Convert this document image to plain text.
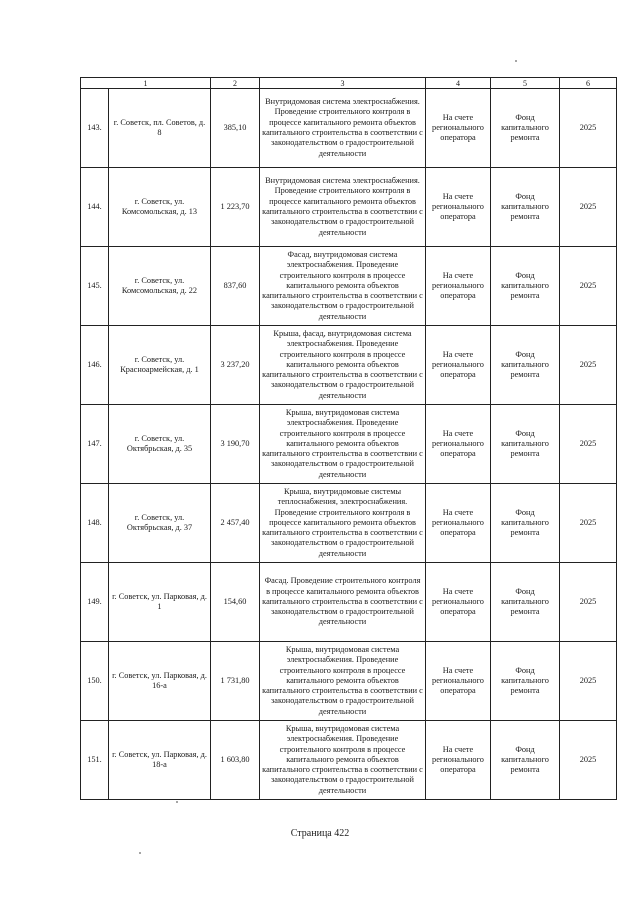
1		2	3	4	5	6
143.	г. Советск, пл. Советов, д. 8	385,10	Внутридомовая система электроснабжения. Проведение строительного контроля в процессе капитального ремонта объектов капитального строительства в соответствии с законодательством о градостроительной деятельности	На счете регионального оператора	Фонд капитального ремонта	2025
144.	г. Советск, ул. Комсомольская, д. 13	1 223,70	Внутридомовая система электроснабжения. Проведение строительного контроля в процессе капитального ремонта объектов капитального строительства в соответствии с законодательством о градостроительной деятельности	На счете регионального оператора	Фонд капитального ремонта	2025
145.	г. Советск, ул. Комсомольская, д. 22	837,60	Фасад, внутридомовая система электроснабжения. Проведение строительного контроля в процессе капитального ремонта объектов капитального строительства в соответствии с законодательством о градостроительной деятельности	На счете регионального оператора	Фонд капитального ремонта	2025
146.	г. Советск, ул. Красноармейская, д. 1	3 237,20	Крыша, фасад, внутридомовая система электроснабжения. Проведение строительного контроля в процессе капитального ремонта объектов капитального строительства в соответствии с законодательством о градостроительной деятельности	На счете регионального оператора	Фонд капитального ремонта	2025
147.	г. Советск, ул. Октябрьская, д. 35	3 190,70	Крыша, внутридомовая система электроснабжения. Проведение строительного контроля в процессе капитального ремонта объектов капитального строительства в соответствии с законодательством о градостроительной деятельности	На счете регионального оператора	Фонд капитального ремонта	2025
148.	г. Советск, ул. Октябрьская, д. 37	2 457,40	Крыша, внутридомовые системы теплоснабжения, электроснабжения. Проведение строительного контроля в процессе капитального ремонта объектов капитального строительства в соответствии с законодательством о градостроительной деятельности	На счете регионального оператора	Фонд капитального ремонта	2025
149.	г. Советск, ул. Парковая, д. 1	154,60	Фасад. Проведение строительного контроля в процессе капитального ремонта объектов капитального строительства в соответствии с законодательством о градостроительной деятельности	На счете регионального оператора	Фонд капитального ремонта	2025
150.	г. Советск, ул. Парковая, д. 16-а	1 731,80	Крыша, внутридомовая система электроснабжения. Проведение строительного контроля в процессе капитального ремонта объектов капитального строительства в соответствии с законодательством о градостроительной деятельности	На счете регионального оператора	Фонд капитального ремонта	2025
151.	г. Советск, ул. Парковая, д. 18-а	1 603,80	Крыша, внутридомовая система электроснабжения. Проведение строительного контроля в процессе капитального ремонта объектов капитального строительства в соответствии с законодательством о градостроительной деятельности	На счете регионального оператора	Фонд капитального ремонта	2025
Страница 422
